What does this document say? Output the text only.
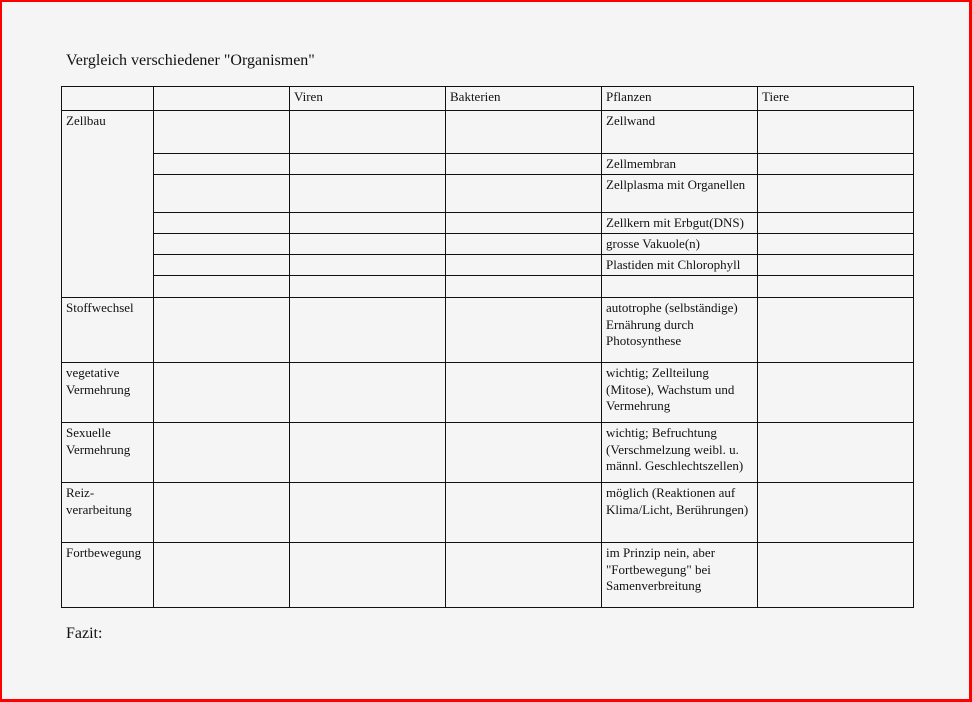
Vergleich verschiedener "Organismen"
		Viren	Bakterien	Pflanzen	Tiere
Zellbau				Zellwand	
				Zellmembran	
				Zellplasma mit Organellen	
				Zellkern mit Erbgut(DNS)	
				grosse Vakuole(n)	
				Plastiden mit Chlorophyll	

Stoffwechsel				autotrophe (selbständige) Ernährung durch Photosynthese	
vegetative Vermehrung				wichtig; Zellteilung (Mitose), Wachstum und Vermehrung	
Sexuelle Vermehrung				wichtig; Befruchtung (Verschmelzung weibl. u. männl. Geschlechtszellen)	
Reiz-verarbeitung				möglich (Reaktionen auf Klima/Licht, Berührungen)	
Fortbewegung				im Prinzip nein, aber "Fortbewegung" bei Samenverbreitung	
Fazit:
